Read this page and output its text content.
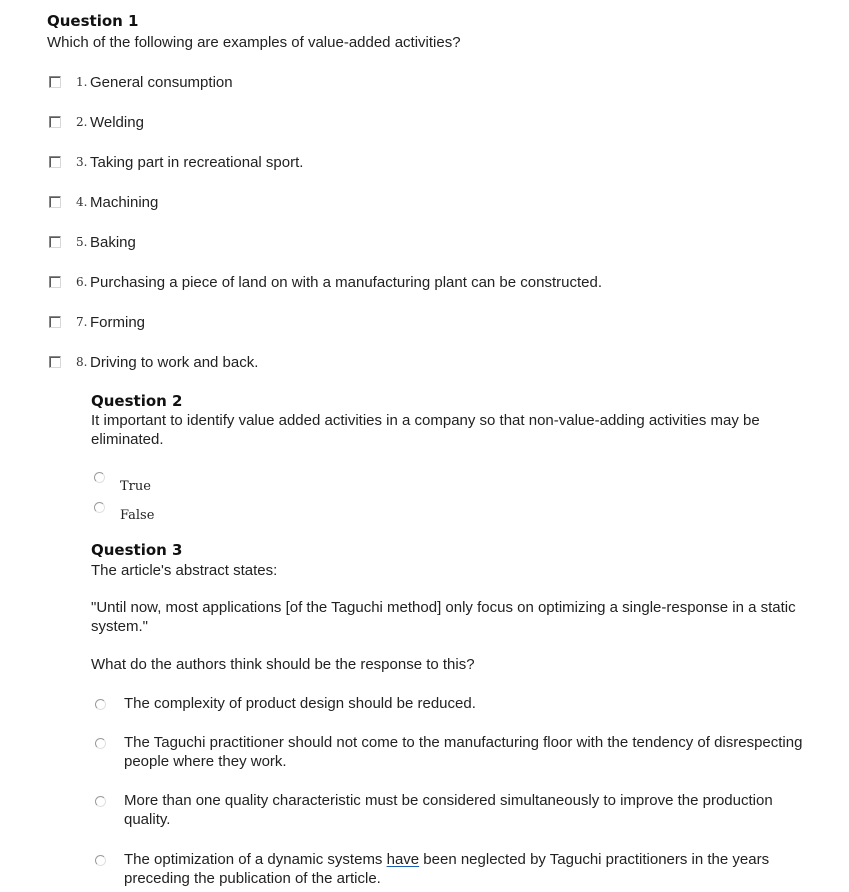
Question 1
Which of the following are examples of value-added activities?
1. General consumption
2. Welding
3. Taking part in recreational sport.
4. Machining
5. Baking
6. Purchasing a piece of land on with a manufacturing plant can be constructed.
7. Forming
8. Driving to work and back.
Question 2
It important to identify value added activities in a company so that non-value-adding activities may be eliminated.
True
False
Question 3
The article's abstract states:
"Until now, most applications [of the Taguchi method] only focus on optimizing a single-response in a static system."
What do the authors think should be the response to this?
The complexity of product design should be reduced.
The Taguchi practitioner should not come to the manufacturing floor with the tendency of disrespecting people where they work.
More than one quality characteristic must be considered simultaneously to improve the production quality.
The optimization of a dynamic systems have been neglected by Taguchi practitioners in the years preceding the publication of the article.
